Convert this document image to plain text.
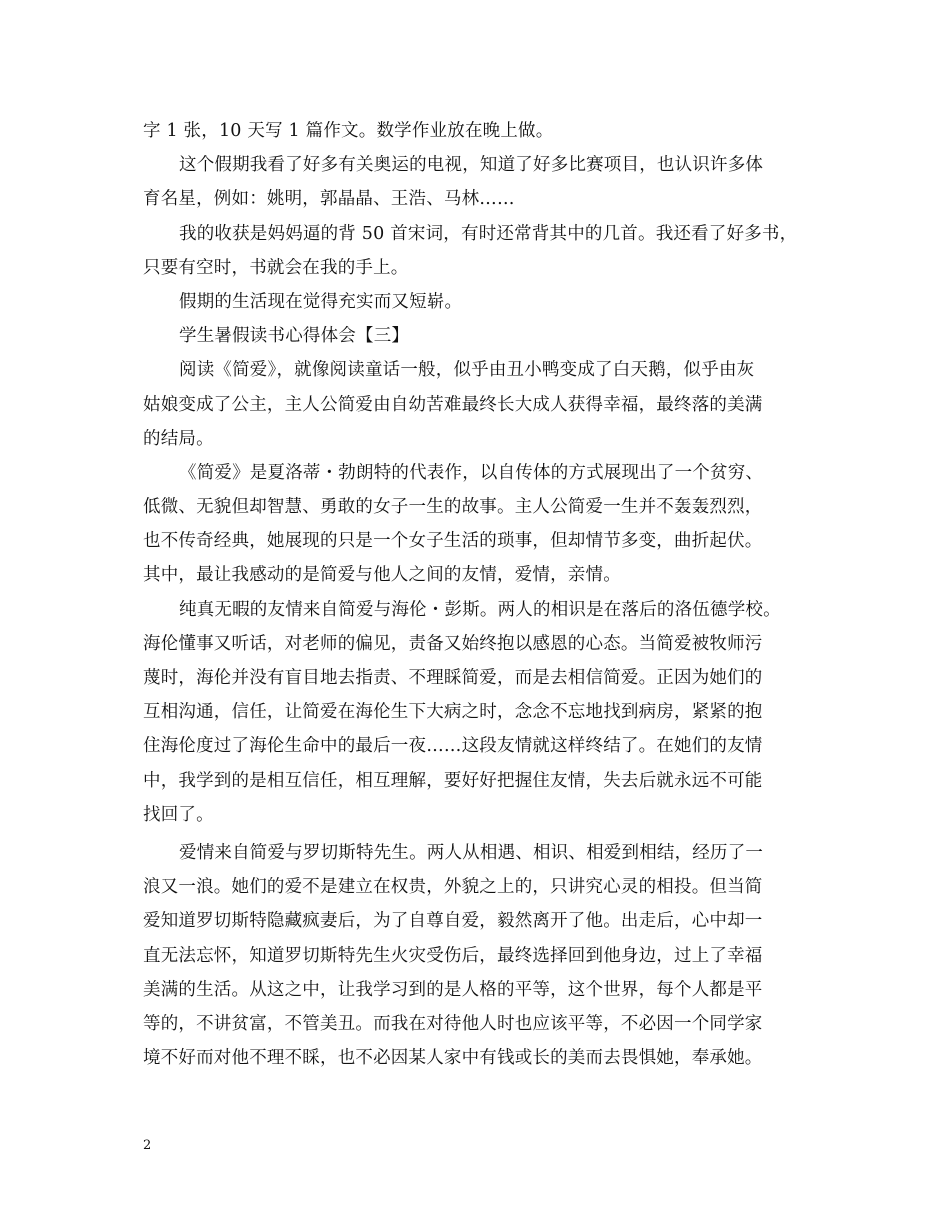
字 1 张，10 天写 1 篇作文。数学作业放在晚上做。
这个假期我看了好多有关奥运的电视，知道了好多比赛项目，也认识许多体
育名星，例如：姚明，郭晶晶、王浩、马林……
我的收获是妈妈逼的背 50 首宋词，有时还常背其中的几首。我还看了好多书，
只要有空时，书就会在我的手上。
假期的生活现在觉得充实而又短崭。
学生暑假读书心得体会【三】
阅读《简爱》，就像阅读童话一般，似乎由丑小鸭变成了白天鹅，似乎由灰
姑娘变成了公主，主人公简爱由自幼苦难最终长大成人获得幸福，最终落的美满
的结局。
《简爱》是夏洛蒂・勃朗特的代表作，以自传体的方式展现出了一个贫穷、
低微、无貌但却智慧、勇敢的女子一生的故事。主人公简爱一生并不轰轰烈烈，
也不传奇经典，她展现的只是一个女子生活的琐事，但却情节多变，曲折起伏。
其中，最让我感动的是简爱与他人之间的友情，爱情，亲情。
纯真无暇的友情来自简爱与海伦・彭斯。两人的相识是在落后的洛伍德学校。
海伦懂事又听话，对老师的偏见，责备又始终抱以感恩的心态。当简爱被牧师污
蔑时，海伦并没有盲目地去指责、不理睬简爱，而是去相信简爱。正因为她们的
互相沟通，信任，让简爱在海伦生下大病之时，念念不忘地找到病房，紧紧的抱
住海伦度过了海伦生命中的最后一夜……这段友情就这样终结了。在她们的友情
中，我学到的是相互信任，相互理解，要好好把握住友情，失去后就永远不可能
找回了。
爱情来自简爱与罗切斯特先生。两人从相遇、相识、相爱到相结，经历了一
浪又一浪。她们的爱不是建立在权贵，外貌之上的，只讲究心灵的相投。但当简
爱知道罗切斯特隐藏疯妻后，为了自尊自爱，毅然离开了他。出走后，心中却一
直无法忘怀，知道罗切斯特先生火灾受伤后，最终选择回到他身边，过上了幸福
美满的生活。从这之中，让我学习到的是人格的平等，这个世界，每个人都是平
等的，不讲贫富，不管美丑。而我在对待他人时也应该平等，不必因一个同学家
境不好而对他不理不睬，也不必因某人家中有钱或长的美而去畏惧她，奉承她。
2
